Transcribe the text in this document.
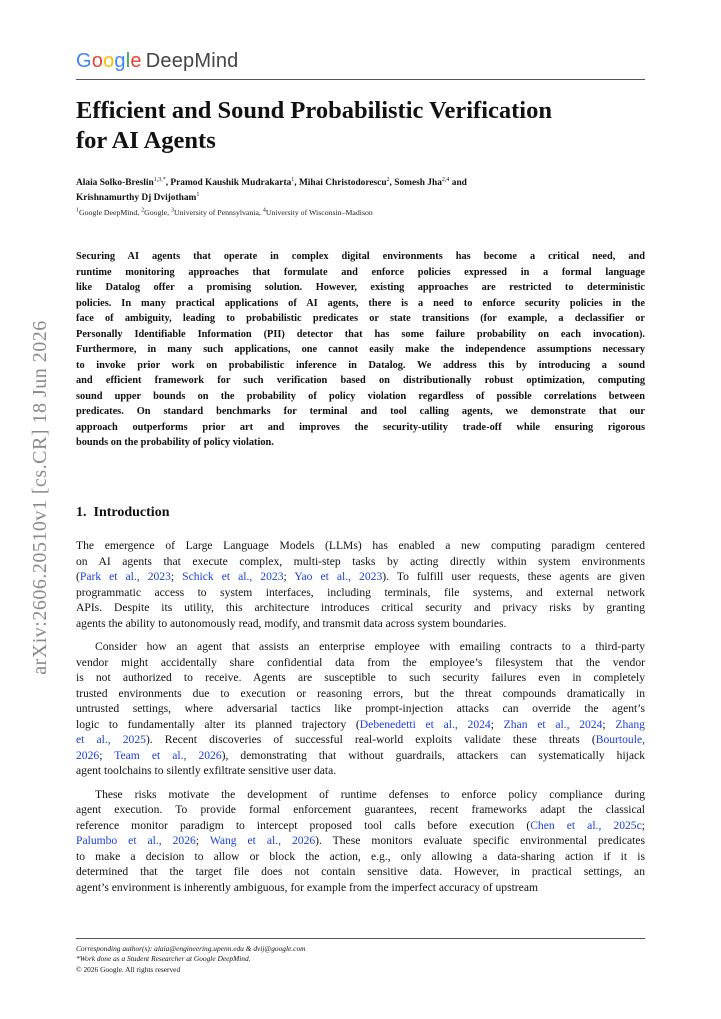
Google DeepMind
Efficient and Sound Probabilistic Verification
for AI Agents
Alaia Solko-Breslin$^{1,3,*}$, Pramod Kaushik Mudrakarta$^1$, Mihai Christodorescu$^2$, Somesh Jha$^{2,4}$ and
Krishnamurthy Dj Dvijotham$^1$
$^1$Google DeepMind, $^2$Google, $^3$University of Pennsylvania, $^4$University of Wisconsin–Madison
Securing AI agents that operate in complex digital environments has become a critical need, and
runtime monitoring approaches that formulate and enforce policies expressed in a formal language
like Datalog offer a promising solution. However, existing approaches are restricted to deterministic
policies. In many practical applications of AI agents, there is a need to enforce security policies in the
face of ambiguity, leading to probabilistic predicates or state transitions (for example, a declassifier or
Personally Identifiable Information (PII) detector that has some failure probability on each invocation).
Furthermore, in many such applications, one cannot easily make the independence assumptions necessary
to invoke prior work on probabilistic inference in Datalog. We address this by introducing a sound
and efficient framework for such verification based on distributionally robust optimization, computing
sound upper bounds on the probability of policy violation regardless of possible correlations between
predicates. On standard benchmarks for terminal and tool calling agents, we demonstrate that our
approach outperforms prior art and improves the security-utility trade-off while ensuring rigorous
bounds on the probability of policy violation.
1. Introduction
The emergence of Large Language Models (LLMs) has enabled a new computing paradigm centered
on AI agents that execute complex, multi-step tasks by acting directly within system environments
(Park et al., 2023; Schick et al., 2023; Yao et al., 2023). To fulfill user requests, these agents are given
programmatic access to system interfaces, including terminals, file systems, and external network
APIs. Despite its utility, this architecture introduces critical security and privacy risks by granting
agents the ability to autonomously read, modify, and transmit data across system boundaries.
Consider how an agent that assists an enterprise employee with emailing contracts to a third-party
vendor might accidentally share confidential data from the employee’s filesystem that the vendor
is not authorized to receive. Agents are susceptible to such security failures even in completely
trusted environments due to execution or reasoning errors, but the threat compounds dramatically in
untrusted settings, where adversarial tactics like prompt-injection attacks can override the agent’s
logic to fundamentally alter its planned trajectory (Debenedetti et al., 2024; Zhan et al., 2024; Zhang
et al., 2025). Recent discoveries of successful real-world exploits validate these threats (Bourtoule,
2026; Team et al., 2026), demonstrating that without guardrails, attackers can systematically hijack
agent toolchains to silently exfiltrate sensitive user data.
These risks motivate the development of runtime defenses to enforce policy compliance during
agent execution. To provide formal enforcement guarantees, recent frameworks adapt the classical
reference monitor paradigm to intercept proposed tool calls before execution (Chen et al., 2025c;
Palumbo et al., 2026; Wang et al., 2026). These monitors evaluate specific environmental predicates
to make a decision to allow or block the action, e.g., only allowing a data-sharing action if it is
determined that the target file does not contain sensitive data. However, in practical settings, an
agent’s environment is inherently ambiguous, for example from the imperfect accuracy of upstream
arXiv:2606.20510v1 [cs.CR] 18 Jun 2026
Corresponding author(s): alaia@engineering.upenn.edu & dvij@google.com
*Work done as a Student Researcher at Google DeepMind.
© 2026 Google. All rights reserved
